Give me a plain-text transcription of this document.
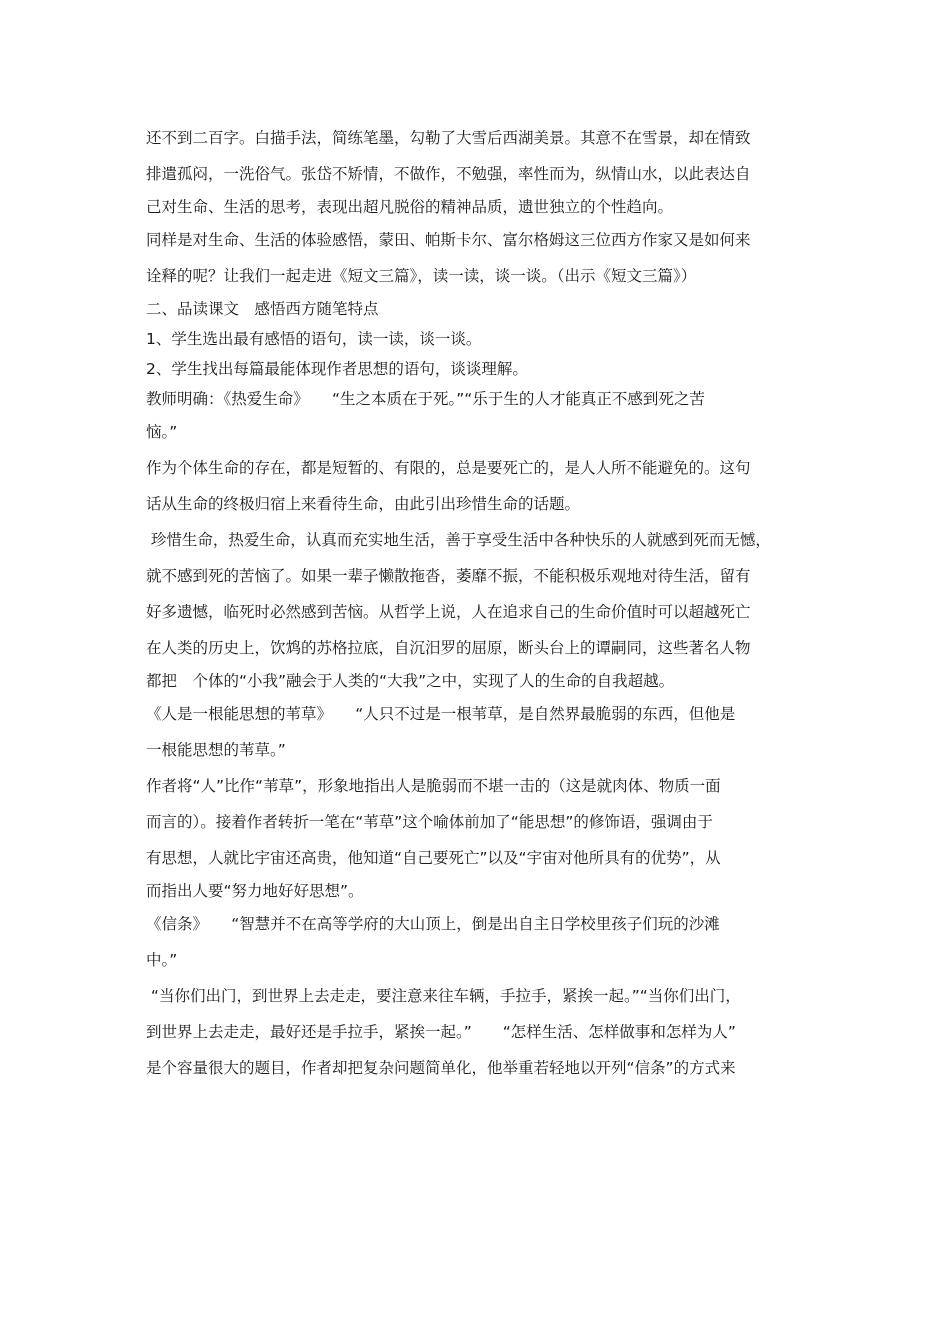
还不到二百字。白描手法，简练笔墨，勾勒了大雪后西湖美景。其意不在雪景，却在情致
排遣孤闷，一洗俗气。张岱不矫情，不做作，不勉强，率性而为，纵情山水，以此表达自
己对生命、生活的思考，表现出超凡脱俗的精神品质，遗世独立的个性趋向。
同样是对生命、生活的体验感悟，蒙田、帕斯卡尔、富尔格姆这三位西方作家又是如何来
诠释的呢？让我们一起走进《短文三篇》，读一读，谈一谈。（出示《短文三篇》）
二、品读课文　感悟西方随笔特点
1、学生选出最有感悟的语句，读一读，谈一谈。
2、学生找出每篇最能体现作者思想的语句，谈谈理解。
教师明确：《热爱生命》　　“生之本质在于死。”“乐于生的人才能真正不感到死之苦
恼。”
作为个体生命的存在，都是短暂的、有限的，总是要死亡的，是人人所不能避免的。这句
话从生命的终极归宿上来看待生命，由此引出珍惜生命的话题。
珍惜生命，热爱生命，认真而充实地生活，善于享受生活中各种快乐的人就感到死而无憾，
就不感到死的苦恼了。如果一辈子懒散拖沓，萎靡不振，不能积极乐观地对待生活，留有
好多遗憾，临死时必然感到苦恼。从哲学上说，人在追求自己的生命价值时可以超越死亡
在人类的历史上，饮鸩的苏格拉底，自沉汨罗的屈原，断头台上的谭嗣同，这些著名人物
都把　个体的“小我”融会于人类的“大我”之中，实现了人的生命的自我超越。
《人是一根能思想的苇草》　　“人只不过是一根苇草，是自然界最脆弱的东西，但他是
一根能思想的苇草。”
作者将“人”比作“苇草”，形象地指出人是脆弱而不堪一击的（这是就肉体、物质一面
而言的）。接着作者转折一笔在“苇草”这个喻体前加了“能思想”的修饰语，强调由于
有思想，人就比宇宙还高贵，他知道“自己要死亡”以及“宇宙对他所具有的优势”，从
而指出人要“努力地好好思想”。
《信条》　　“智慧并不在高等学府的大山顶上，倒是出自主日学校里孩子们玩的沙滩
中。”
“当你们出门，到世界上去走走，要注意来往车辆，手拉手，紧挨一起。”“当你们出门，
到世界上去走走，最好还是手拉手，紧挨一起。”　　“怎样生活、怎样做事和怎样为人”
是个容量很大的题目，作者却把复杂问题简单化，他举重若轻地以开列“信条”的方式来
